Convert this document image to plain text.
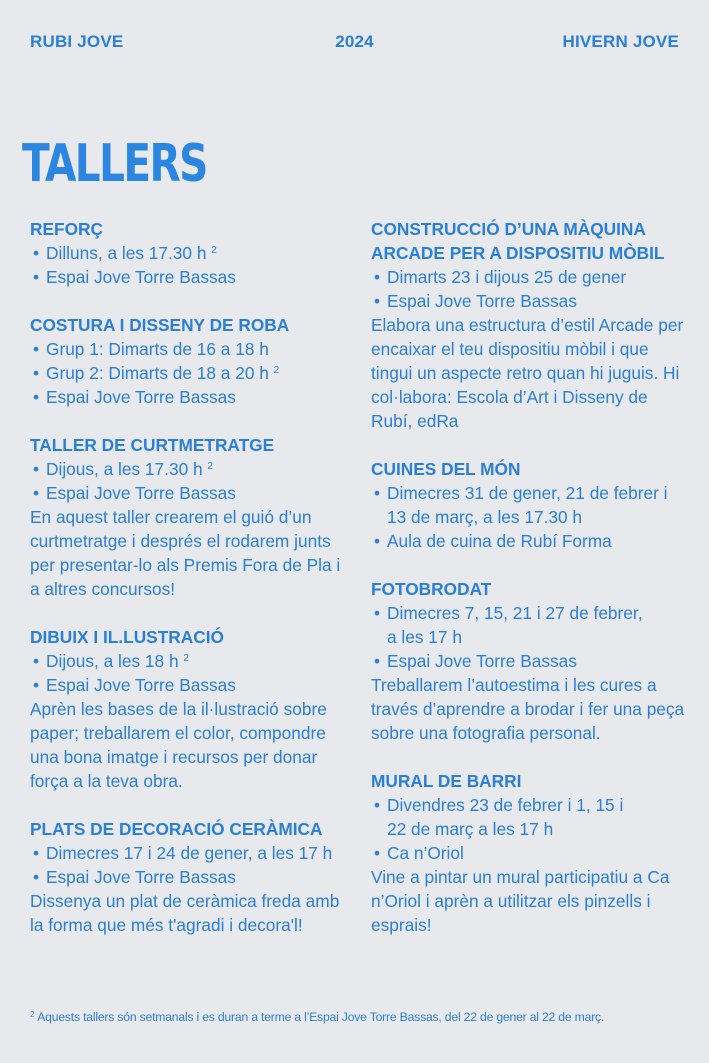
RUBI JOVE	2024	HIVERN JOVE
TALLERS
REFORÇ
• Dilluns, a les 17.30 h $^2$
• Espai Jove Torre Bassas
COSTURA I DISSENY DE ROBA
• Grup 1: Dimarts de 16 a 18 h
• Grup 2: Dimarts de 18 a 20 h $^2$
• Espai Jove Torre Bassas
TALLER DE CURTMETRATGE
• Dijous, a les 17.30 h $^2$
• Espai Jove Torre Bassas

En aquest taller crearem el guió d’un curtmetratge i després el rodarem junts per presentar-lo als Premis Fora de Pla i a altres concursos!

DIBUIX I IL.LUSTRACIÓ
• Dijous, a les 18 h $^2$
• Espai Jove Torre Bassas

Aprèn les bases de la il·lustració sobre paper; treballarem el color, compondre una bona imatge i recursos per donar força a la teva obra.

PLATS DE DECORACIÓ CERÀMICA
• Dimecres 17 i 24 de gener, a les 17 h
• Espai Jove Torre Bassas

Dissenya un plat de ceràmica freda amb la forma que més t'agradi i decora'l!

CONSTRUCCIÓ D’UNA MÀQUINA
ARCADE PER A DISPOSITIU MÒBIL
• Dimarts 23 i dijous 25 de gener
• Espai Jove Torre Bassas

Elabora una estructura d’estil Arcade per encaixar el teu dispositiu mòbil i que tingui un aspecte retro quan hi juguis. Hi col·labora: Escola d’Art i Disseny de Rubí, edRa

CUINES DEL MÓN
• Dimecres 31 de gener, 21 de febrer i 13 de març, a les 17.30 h
• Aula de cuina de Rubí Forma
FOTOBRODAT
• Dimecres 7, 15, 21 i 27 de febrer, a les 17 h
• Espai Jove Torre Bassas

Treballarem l’autoestima i les cures a través d’aprendre a brodar i fer una peça sobre una fotografia personal.

MURAL DE BARRI
• Divendres 23 de febrer i 1, 15 i 22 de març a les 17 h
• Ca n’Oriol

Vine a pintar un mural participatiu a Ca n’Oriol i aprèn a utilitzar els pinzells i esprais!

$^2$ Aquests tallers són setmanals i es duran a terme a l’Espai Jove Torre Bassas, del 22 de gener al 22 de març.
